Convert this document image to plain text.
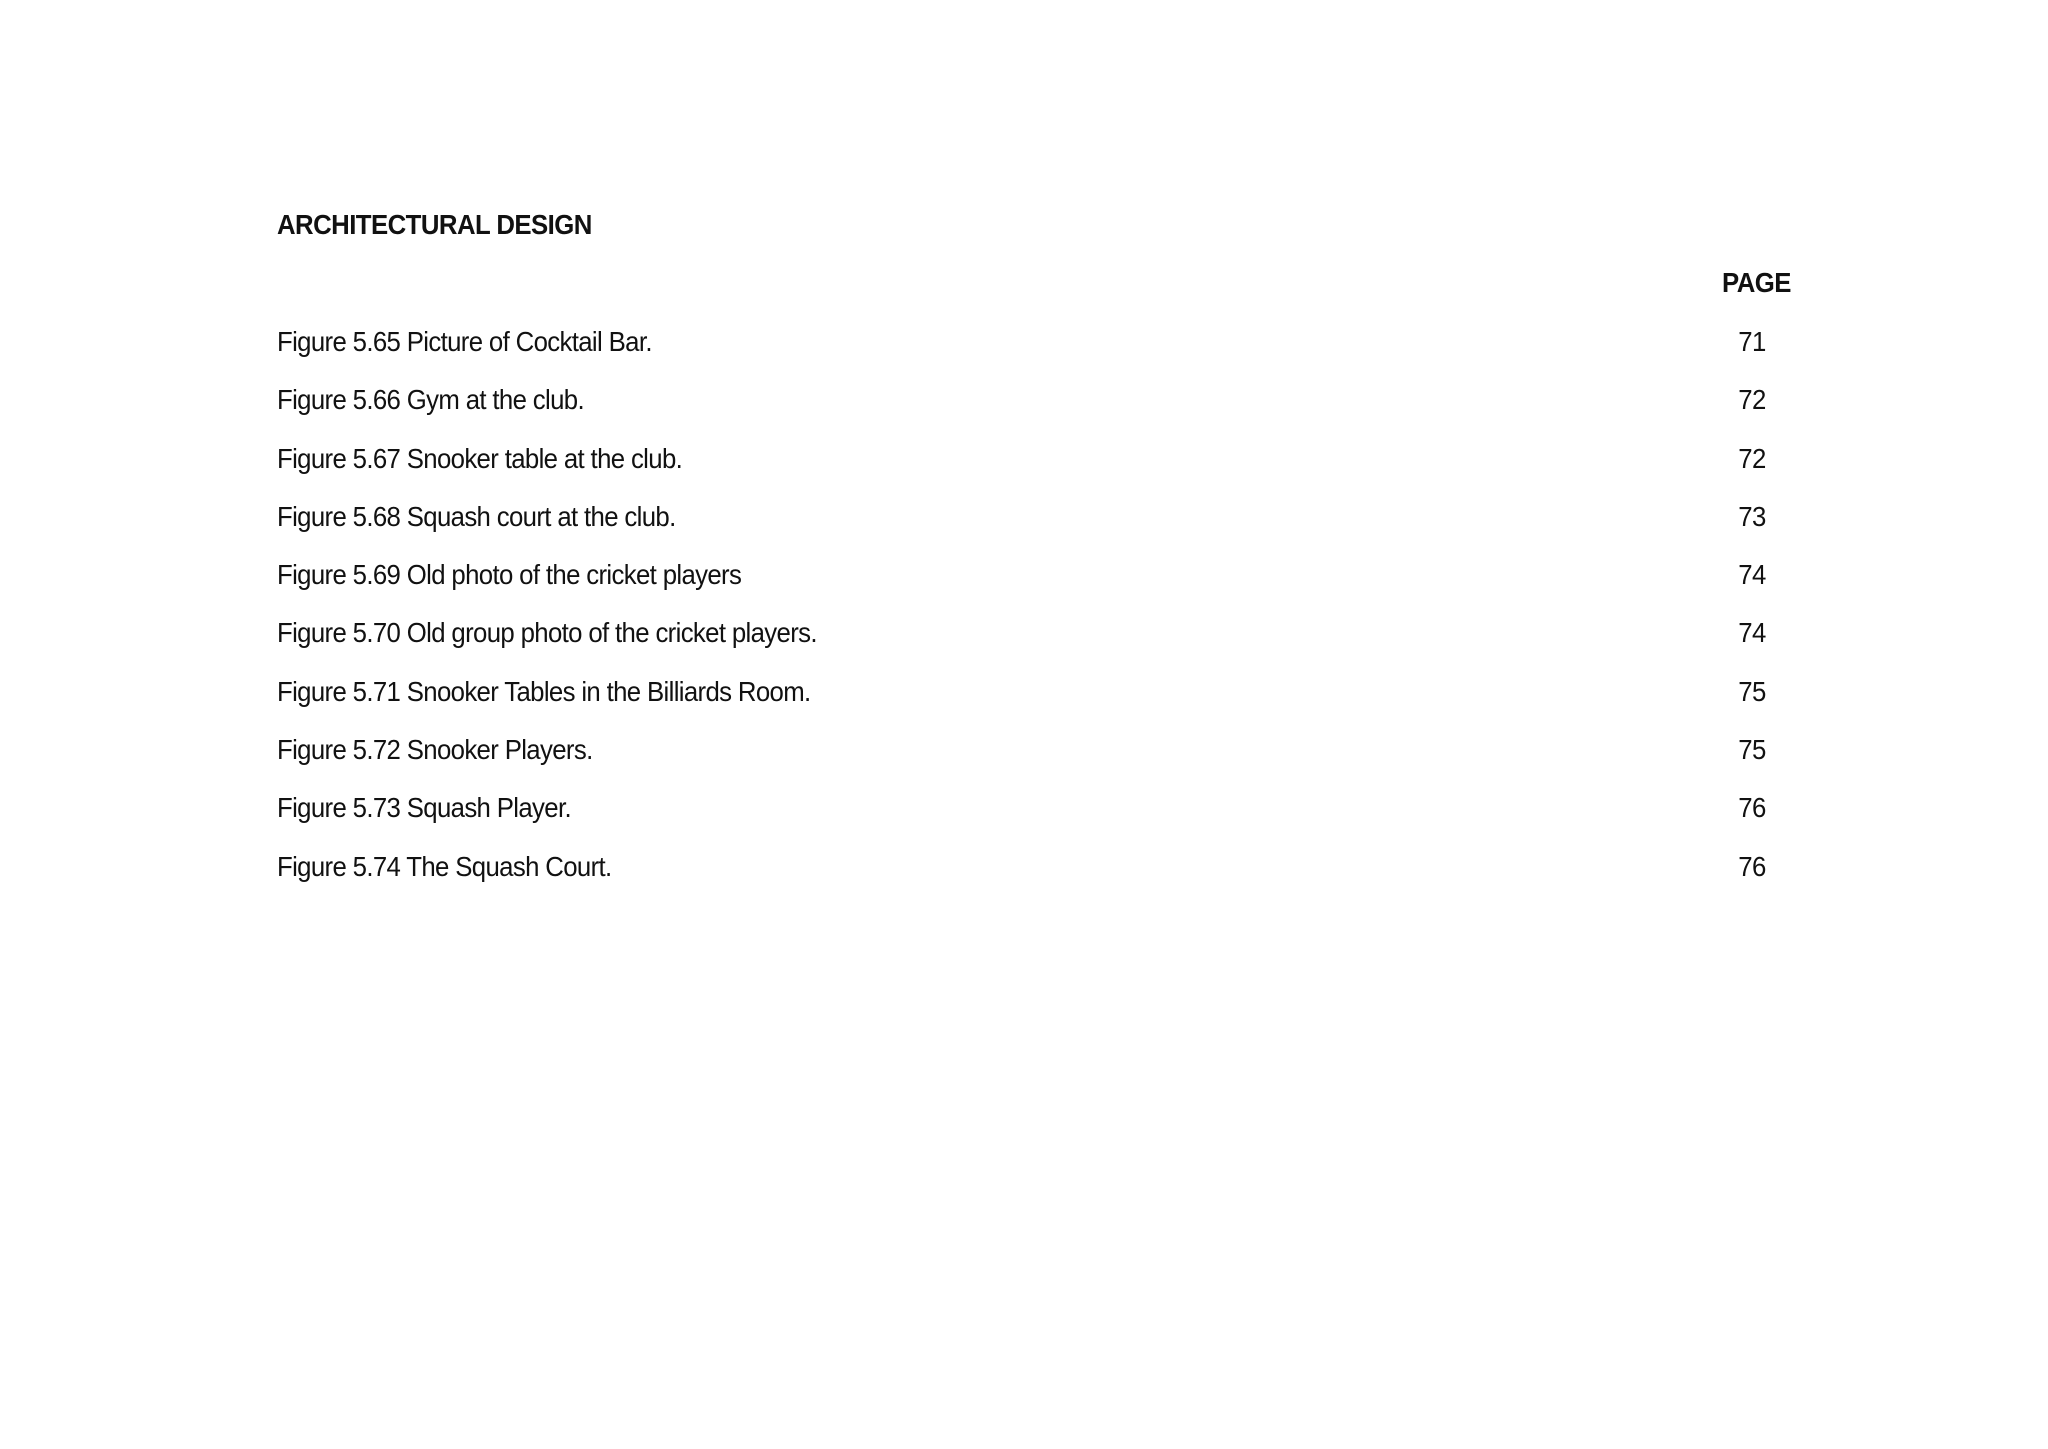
ARCHITECTURAL DESIGN
PAGE
Figure 5.65 Picture of Cocktail Bar.	71
Figure 5.66 Gym at the club.	72
Figure 5.67 Snooker table at the club.	72
Figure 5.68 Squash court at the club.	73
Figure 5.69 Old photo of the cricket players	74
Figure 5.70 Old group photo of the cricket players.	74
Figure 5.71 Snooker Tables in the Billiards Room.	75
Figure 5.72 Snooker Players.	75
Figure 5.73 Squash Player.	76
Figure 5.74 The Squash Court.	76
